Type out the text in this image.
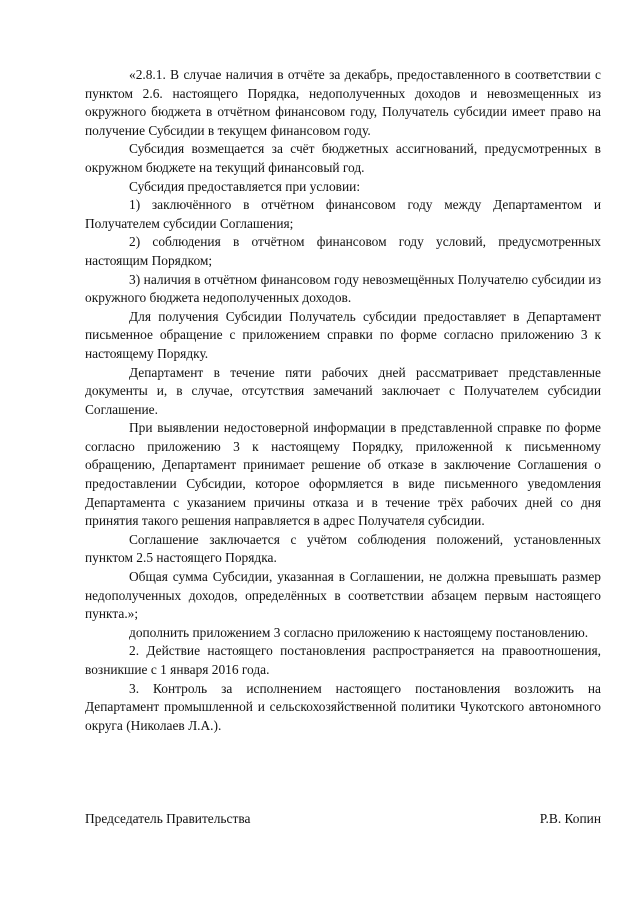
«2.8.1. В случае наличия в отчёте за декабрь, предоставленного в соответствии с пунктом 2.6. настоящего Порядка, недополученных доходов и невозмещенных из окружного бюджета в отчётном финансовом году, Получатель субсидии имеет право на получение Субсидии в текущем финансовом году.

Субсидия возмещается за счёт бюджетных ассигнований, предусмотренных в окружном бюджете на текущий финансовый год.

Субсидия предоставляется при условии:

1) заключённого в отчётном финансовом году между Департаментом и Получателем субсидии Соглашения;

2) соблюдения в отчётном финансовом году условий, предусмотренных настоящим Порядком;

3) наличия в отчётном финансовом году невозмещённых Получателю субсидии из окружного бюджета недополученных доходов.

Для получения Субсидии Получатель субсидии предоставляет в Департамент письменное обращение с приложением справки по форме согласно приложению 3 к настоящему Порядку.

Департамент в течение пяти рабочих дней рассматривает представленные документы и, в случае, отсутствия замечаний заключает с Получателем субсидии Соглашение.

При выявлении недостоверной информации в представленной справке по форме согласно приложению 3 к настоящему Порядку, приложенной к письменному обращению, Департамент принимает решение об отказе в заключение Соглашения о предоставлении Субсидии, которое оформляется в виде письменного уведомления Департамента с указанием причины отказа и в течение трёх рабочих дней со дня принятия такого решения направляется в адрес Получателя субсидии.

Соглашение заключается с учётом соблюдения положений, установленных пунктом 2.5 настоящего Порядка.

Общая сумма Субсидии, указанная в Соглашении, не должна превышать размер недополученных доходов, определённых в соответствии абзацем первым настоящего пункта.»;

дополнить приложением 3 согласно приложению к настоящему постановлению.

2. Действие настоящего постановления распространяется на правоотношения, возникшие с 1 января 2016 года.

3. Контроль за исполнением настоящего постановления возложить на Департамент промышленной и сельскохозяйственной политики Чукотского автономного округа (Николаев Л.А.).

Председатель Правительства	Р.В. Копин
